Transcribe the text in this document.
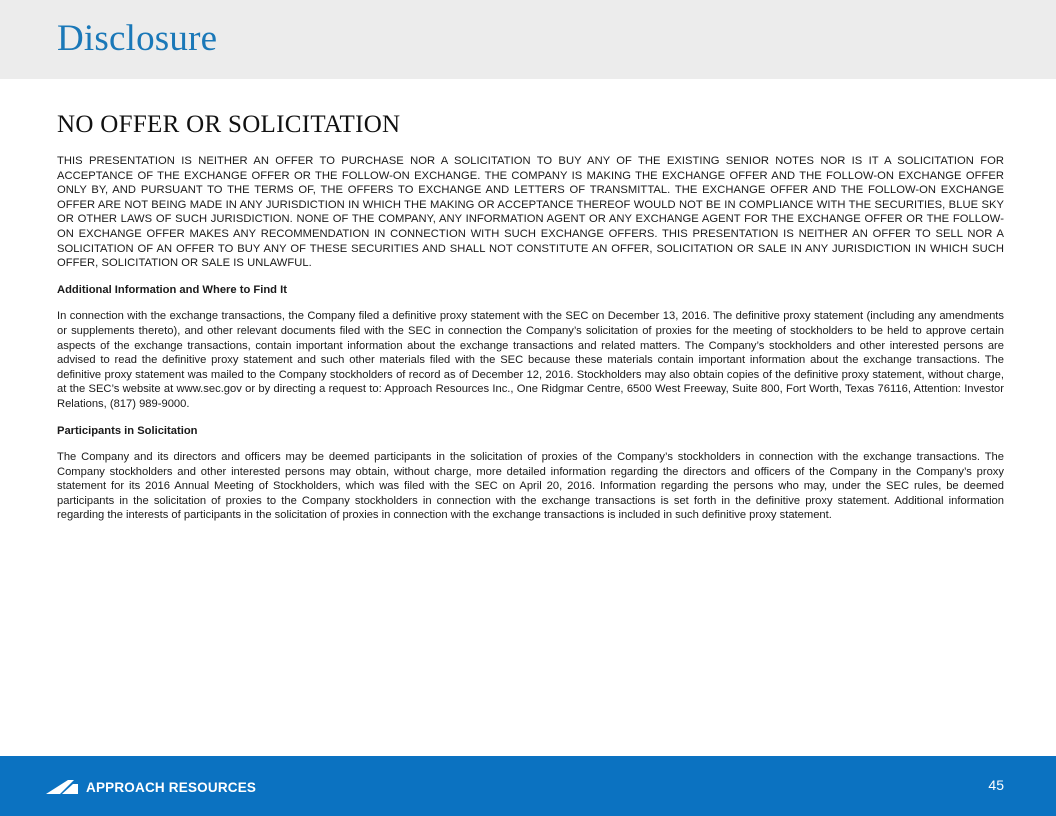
Disclosure
NO OFFER OR SOLICITATION

THIS PRESENTATION IS NEITHER AN OFFER TO PURCHASE NOR A SOLICITATION TO BUY ANY OF THE EXISTING SENIOR NOTES NOR IS IT A SOLICITATION FOR ACCEPTANCE OF THE EXCHANGE OFFER OR THE FOLLOW-ON EXCHANGE. THE COMPANY IS MAKING THE EXCHANGE OFFER AND THE FOLLOW-ON EXCHANGE OFFER ONLY BY, AND PURSUANT TO THE TERMS OF, THE OFFERS TO EXCHANGE AND LETTERS OF TRANSMITTAL. THE EXCHANGE OFFER AND THE FOLLOW-ON EXCHANGE OFFER ARE NOT BEING MADE IN ANY JURISDICTION IN WHICH THE MAKING OR ACCEPTANCE THEREOF WOULD NOT BE IN COMPLIANCE WITH THE SECURITIES, BLUE SKY OR OTHER LAWS OF SUCH JURISDICTION. NONE OF THE COMPANY, ANY INFORMATION AGENT OR ANY EXCHANGE AGENT FOR THE EXCHANGE OFFER OR THE FOLLOW-ON EXCHANGE OFFER MAKES ANY RECOMMENDATION IN CONNECTION WITH SUCH EXCHANGE OFFERS. THIS PRESENTATION IS NEITHER AN OFFER TO SELL NOR A SOLICITATION OF AN OFFER TO BUY ANY OF THESE SECURITIES AND SHALL NOT CONSTITUTE AN OFFER, SOLICITATION OR SALE IN ANY JURISDICTION IN WHICH SUCH OFFER, SOLICITATION OR SALE IS UNLAWFUL.

Additional Information and Where to Find It

In connection with the exchange transactions, the Company filed a definitive proxy statement with the SEC on December 13, 2016. The definitive proxy statement (including any amendments or supplements thereto), and other relevant documents filed with the SEC in connection the Company’s solicitation of proxies for the meeting of stockholders to be held to approve certain aspects of the exchange transactions, contain important information about the exchange transactions and related matters. The Company’s stockholders and other interested persons are advised to read the definitive proxy statement and such other materials filed with the SEC because these materials contain important information about the exchange transactions. The definitive proxy statement was mailed to the Company stockholders of record as of December 12, 2016. Stockholders may also obtain copies of the definitive proxy statement, without charge, at the SEC’s website at www.sec.gov or by directing a request to: Approach Resources Inc., One Ridgmar Centre, 6500 West Freeway, Suite 800, Fort Worth, Texas 76116, Attention: Investor Relations, (817) 989-9000.

Participants in Solicitation

The Company and its directors and officers may be deemed participants in the solicitation of proxies of the Company’s stockholders in connection with the exchange transactions. The Company stockholders and other interested persons may obtain, without charge, more detailed information regarding the directors and officers of the Company in the Company’s proxy statement for its 2016 Annual Meeting of Stockholders, which was filed with the SEC on April 20, 2016. Information regarding the persons who may, under the SEC rules, be deemed participants in the solicitation of proxies to the Company stockholders in connection with the exchange transactions is set forth in the definitive proxy statement. Additional information regarding the interests of participants in the solicitation of proxies in connection with the exchange transactions is included in such definitive proxy statement.

APPROACH RESOURCES	45
